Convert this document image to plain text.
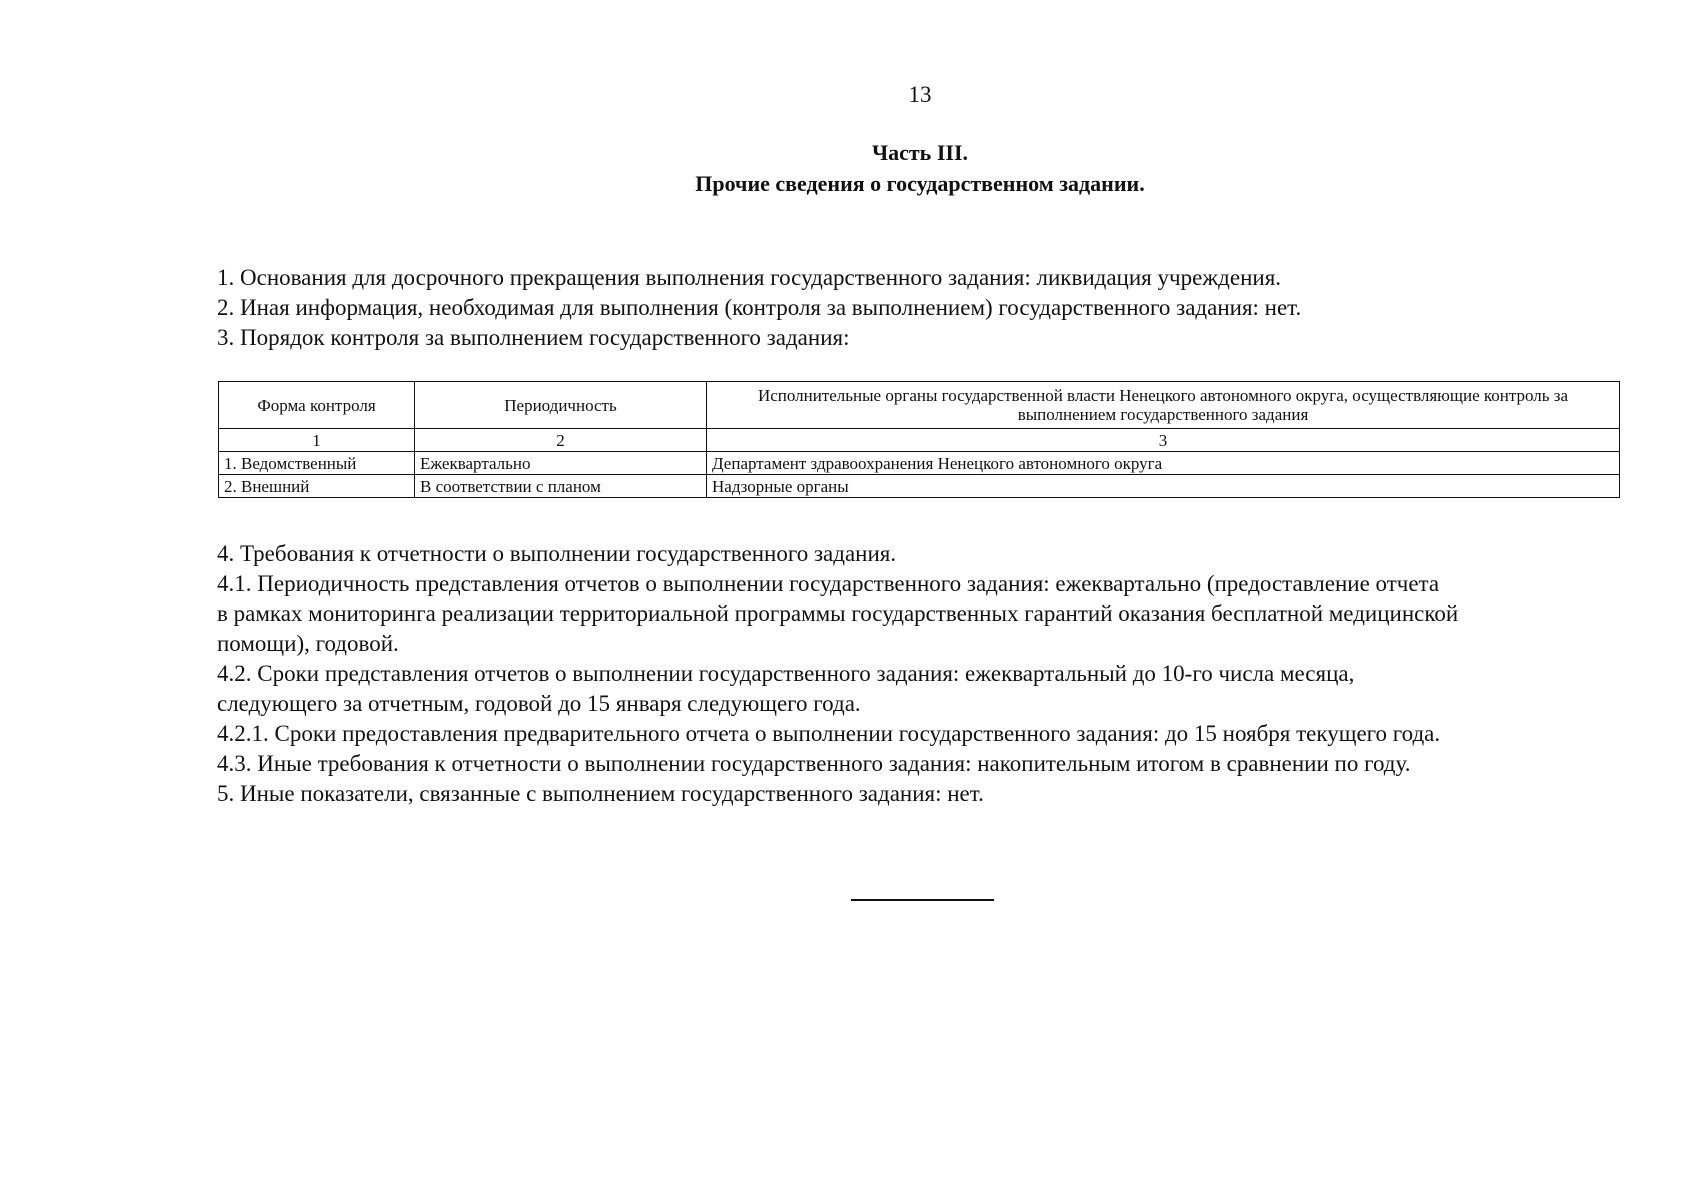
13
Часть III.
Прочие сведения о государственном задании.
1. Основания для досрочного прекращения выполнения государственного задания: ликвидация учреждения.
2. Иная информация, необходимая для выполнения (контроля за выполнением) государственного задания: нет.
3. Порядок контроля за выполнением государственного задания:
Форма контроля	Периодичность	Исполнительные органы государственной власти Ненецкого автономного округа, осуществляющие контроль за выполнением государственного задания
1	2	3
1. Ведомственный	Ежеквартально	Департамент здравоохранения Ненецкого автономного округа
2. Внешний	В соответствии с планом	Надзорные органы
4. Требования к отчетности о выполнении государственного задания.
4.1. Периодичность представления отчетов о выполнении государственного задания: ежеквартально (предоставление отчета
в рамках мониторинга реализации территориальной программы государственных гарантий оказания бесплатной медицинской
помощи), годовой.
4.2. Сроки представления отчетов о выполнении государственного задания: ежеквартальный до 10-го числа месяца,
следующего за отчетным, годовой до 15 января следующего года.
4.2.1. Сроки предоставления предварительного отчета о выполнении государственного задания: до 15 ноября текущего года.
4.3. Иные требования к отчетности о выполнении государственного задания: накопительным итогом в сравнении по году.
5. Иные показатели, связанные с выполнением государственного задания: нет.
